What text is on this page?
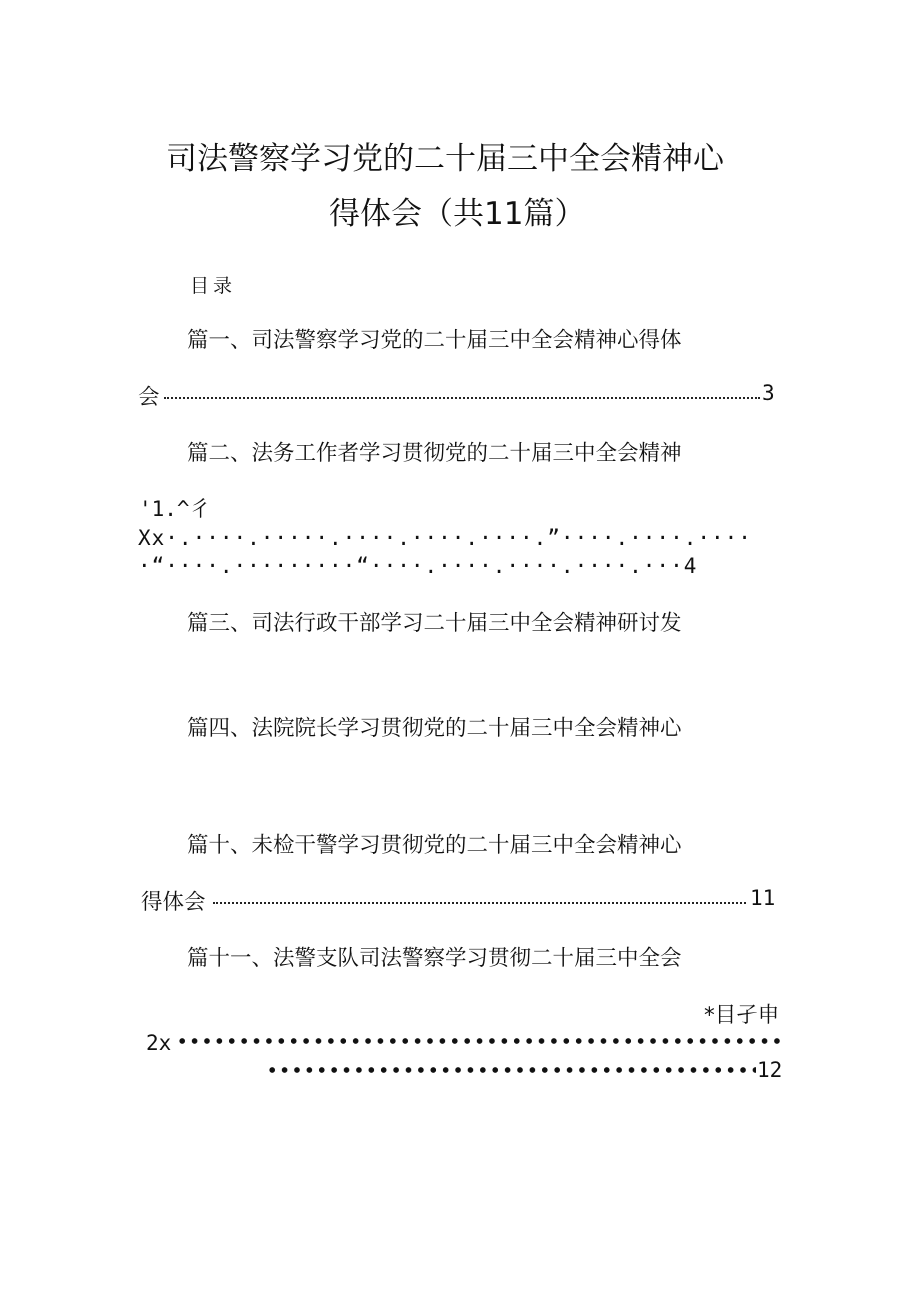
司法警察学习党的二十届三中全会精神心
得体会（共11篇）
目录
篇一、司法警察学习党的二十届三中全会精神心得体
会	3
篇二、法务工作者学习贯彻党的二十届三中全会精神
'1.^彳
Xx·.····.·····.····.····.····.”····.····.····
·“····.·········“····.····.····.····.···4
篇三、司法行政干部学习二十届三中全会精神研讨发
篇四、法院院长学习贯彻党的二十届三中全会精神心
篇十、未检干警学习贯彻党的二十届三中全会精神心
得体会	11
篇十一、法警支队司法警察学习贯彻二十届三中全会
*目孑申
2x
12
